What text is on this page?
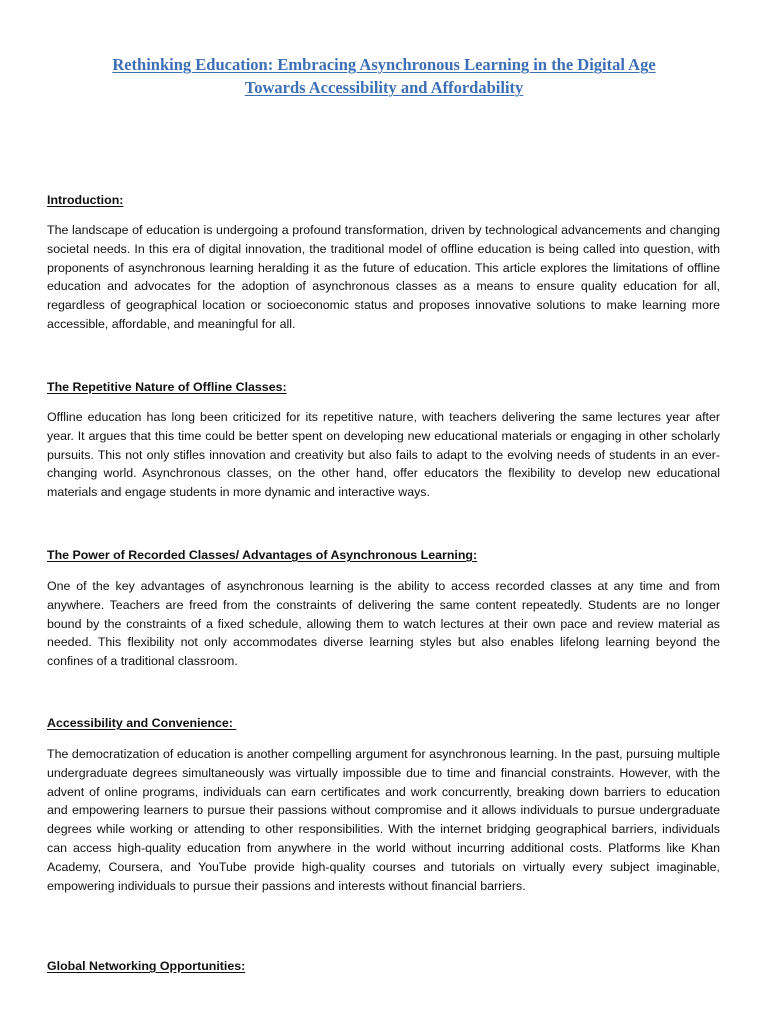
Rethinking Education: Embracing Asynchronous Learning in the Digital Age
Towards Accessibility and Affordability
Introduction:

The landscape of education is undergoing a profound transformation, driven by technological advancements and changing societal needs. In this era of digital innovation, the traditional model of offline education is being called into question, with proponents of asynchronous learning heralding it as the future of education. This article explores the limitations of offline education and advocates for the adoption of asynchronous classes as a means to ensure quality education for all, regardless of geographical location or socioeconomic status and proposes innovative solutions to make learning more accessible, affordable, and meaningful for all.

The Repetitive Nature of Offline Classes:

Offline education has long been criticized for its repetitive nature, with teachers delivering the same lectures year after year. It argues that this time could be better spent on developing new educational materials or engaging in other scholarly pursuits. This not only stifles innovation and creativity but also fails to adapt to the evolving needs of students in an ever-changing world. Asynchronous classes, on the other hand, offer educators the flexibility to develop new educational materials and engage students in more dynamic and interactive ways.

The Power of Recorded Classes/ Advantages of Asynchronous Learning:

One of the key advantages of asynchronous learning is the ability to access recorded classes at any time and from anywhere. Teachers are freed from the constraints of delivering the same content repeatedly. Students are no longer bound by the constraints of a fixed schedule, allowing them to watch lectures at their own pace and review material as needed. This flexibility not only accommodates diverse learning styles but also enables lifelong learning beyond the confines of a traditional classroom.

Accessibility and Convenience:

The democratization of education is another compelling argument for asynchronous learning. In the past, pursuing multiple undergraduate degrees simultaneously was virtually impossible due to time and financial constraints. However, with the advent of online programs, individuals can earn certificates and work concurrently, breaking down barriers to education and empowering learners to pursue their passions without compromise and it allows individuals to pursue undergraduate degrees while working or attending to other responsibilities. With the internet bridging geographical barriers, individuals can access high-quality education from anywhere in the world without incurring additional costs. Platforms like Khan Academy, Coursera, and YouTube provide high-quality courses and tutorials on virtually every subject imaginable, empowering individuals to pursue their passions and interests without financial barriers.

Global Networking Opportunities:
